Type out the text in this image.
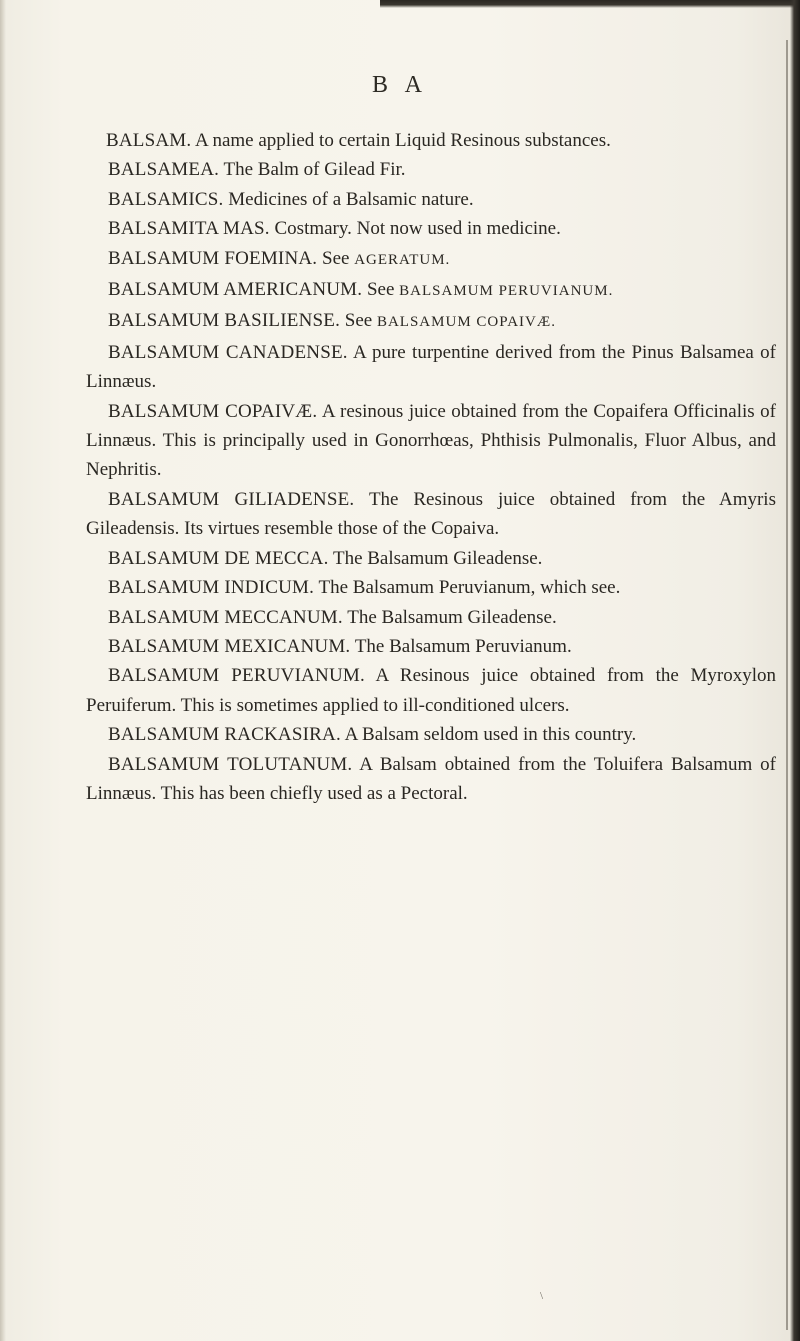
B A
BALSAM. A name applied to certain Liquid Resinous substances.
BALSAMEA. The Balm of Gilead Fir.
BALSAMICS. Medicines of a Balsamic nature.
BALSAMITA MAS. Costmary. Not now used in medicine.
BALSAMUM FOEMINA. See AGERATUM.
BALSAMUM AMERICANUM. See BALSAMUM PERUVIANUM.
BALSAMUM BASILIENSE. See BALSAMUM COPAIVÆ.
BALSAMUM CANADENSE. A pure turpentine derived from the Pinus Balsamea of Linnæus.
BALSAMUM COPAIVÆ. A resinous juice obtained from the Copaifera Officinalis of Linnæus. This is principally used in Gonorrhœas, Phthisis Pulmonalis, Fluor Albus, and Nephritis.
BALSAMUM GILIADENSE. The Resinous juice obtained from the Amyris Gileadensis. Its virtues resemble those of the Copaiva.
BALSAMUM DE MECCA. The Balsamum Gileadense.
BALSAMUM INDICUM. The Balsamum Peruvianum, which see.
BALSAMUM MECCANUM. The Balsamum Gileadense.
BALSAMUM MEXICANUM. The Balsamum Peruvianum.
BALSAMUM PERUVIANUM. A Resinous juice obtained from the Myroxylon Peruiferum. This is sometimes applied to ill-conditioned ulcers.
BALSAMUM RACKASIRA. A Balsam seldom used in this country.
BALSAMUM TOLUTANUM. A Balsam obtained from the Toluifera Balsamum of Linnæus. This has been chiefly used as a Pectoral.
\
